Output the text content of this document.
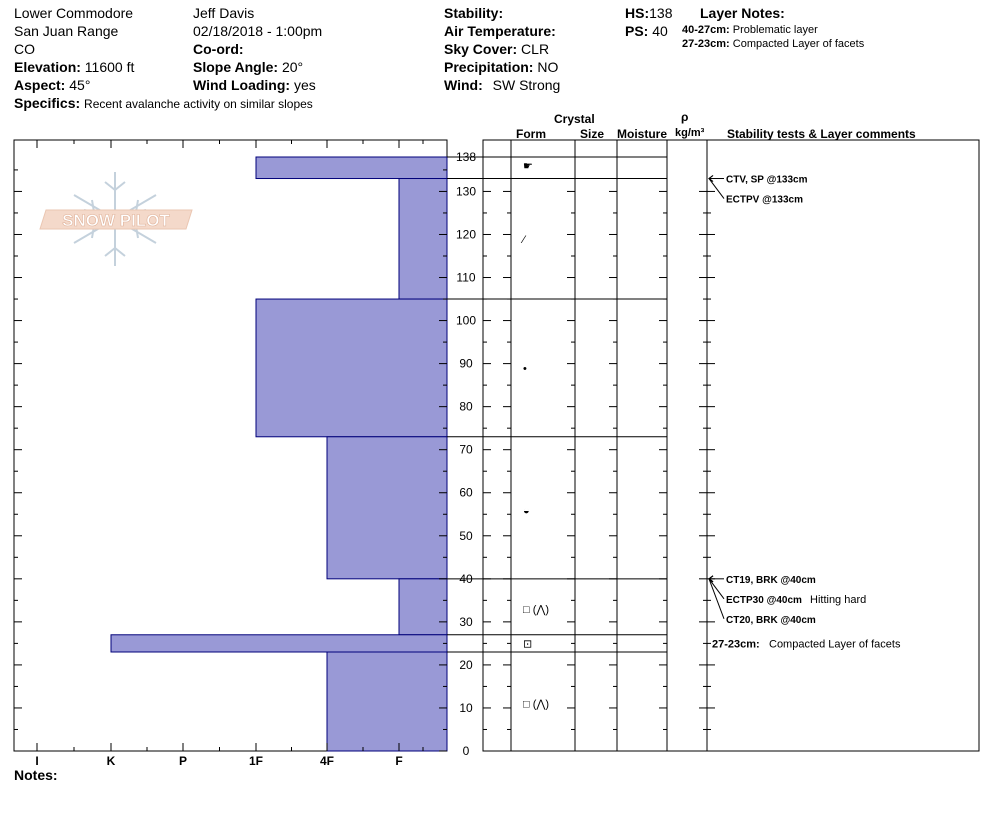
Lower Commodore
San Juan Range
CO
Elevation: 11600 ft
Aspect: 45°
Specifics: Recent avalanche activity on similar slopes
Jeff Davis
02/18/2018 - 1:00pm
Co-ord:
Slope Angle: 20°
Wind Loading: yes
Stability:
Air Temperature:
Sky Cover: CLR
Precipitation: NO
Wind: SW Strong
HS:138
PS: 40
Layer Notes:
40-27cm: Problematic layer
27-23cm: Compacted Layer of facets
Crystal
Form	Size Moisture
ρ
kg/m³ Stability tests & Layer comments
Notes:
SNOW PILOT
I	K	P	1F	4F	F
0
10
20
30
40
50
60
70
80
90
100
110
120
130
138
☛
⁄
•
◒
□ (⋀)
⊡
□ (⋀)
CTV, SP @133cm
ECTPV @133cm
CT19, BRK @40cm
ECTP30 @40cm Hitting hard
CT20, BRK @40cm
27-23cm: Compacted Layer of facets
